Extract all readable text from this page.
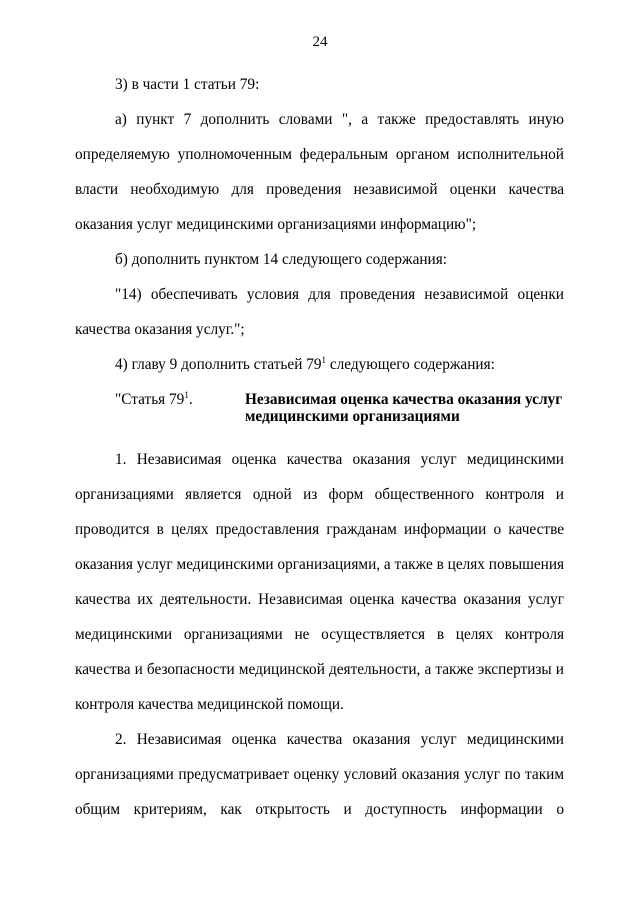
24

3) в части 1 статьи 79:

а) пункт 7 дополнить словами ", а также предоставлять иную

определяемую уполномоченным федеральным органом исполнительной

власти необходимую для проведения независимой оценки качества

оказания услуг медицинскими организациями информацию";

б) дополнить пунктом 14 следующего содержания:

"14) обеспечивать условия для проведения независимой оценки

качества оказания услуг.";

4) главу 9 дополнить статьей $79^1$ следующего содержания:

"Статья $79^1$.	Независимая оценка качества оказания услуг
медицинскими организациями

1. Независимая оценка качества оказания услуг медицинскими

организациями является одной из форм общественного контроля и

проводится в целях предоставления гражданам информации о качестве

оказания услуг медицинскими организациями, а также в целях повышения

качества их деятельности. Независимая оценка качества оказания услуг

медицинскими организациями не осуществляется в целях контроля

качества и безопасности медицинской деятельности, а также экспертизы и

контроля качества медицинской помощи.

2. Независимая оценка качества оказания услуг медицинскими

организациями предусматривает оценку условий оказания услуг по таким

общим критериям, как открытость и доступность информации о
